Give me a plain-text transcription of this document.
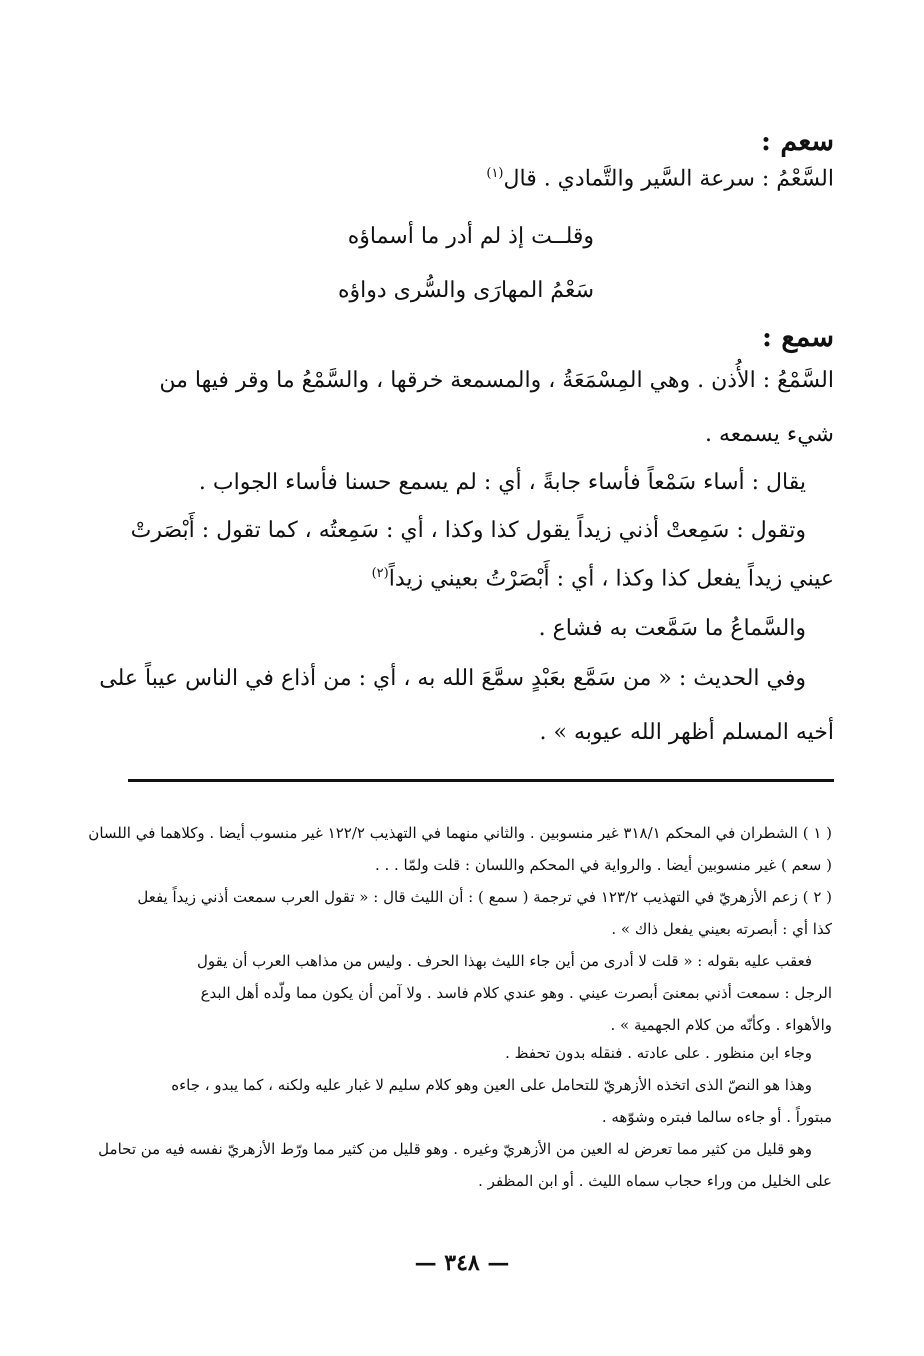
سعم :
السَّعْمُ : سرعة السَّير والتَّمادي . قال$^{(١)}$
وقلــت إذ لم أدر ما أسماؤه
سَعْمُ المهارَى والسُّرى دواؤه
سمع :
السَّمْعُ : الأُذن . وهي المِسْمَعَةُ ، والمسمعة خرقها ، والسَّمْعُ ما وقر فيها من
شيء يسمعه .
يقال : أساء سَمْعاً فأساء جابةً ، أي : لم يسمع حسنا فأساء الجواب .
وتقول : سَمِعتْ أذني زيداً يقول كذا وكذا ، أي : سَمِعتُه ، كما تقول : أَبْصَرتْ
عيني زيداً يفعل كذا وكذا ، أي : أَبْصَرْتُ بعيني زيداً$^{(٢)}$
والسَّماعُ ما سَمَّعت به فشاع .
وفي الحديث : « من سَمَّع بعَبْدٍ سمَّعَ الله به ، أي : من أذاع في الناس عيباً على
أخيه المسلم أظهر الله عيوبه » .
( ١ ) الشطران في المحكم ٣١٨/١ غير منسوبين . والثاني منهما في التهذيب ١٢٢/٢ غير منسوب أيضا . وكلاهما في اللسان
( سعم ) غير منسوبين أيضا . والرواية في المحكم واللسان : قلت ولمّا . . .
( ٢ ) زعم الأزهريّ في التهذيب ١٢٣/٢ في ترجمة ( سمع ) : أن الليث قال : « تقول العرب سمعت أذني زيداً يفعل
كذا أي : أبصرته بعيني يفعل ذاك » .
فعقب عليه بقوله : « قلت لا أدرى من أين جاء الليث بهذا الحرف . وليس من مذاهب العرب أن يقول
الرجل : سمعت أذني بمعنىَ أبصرت عيني . وهو عندي كلام فاسد . ولا آمن أن يكون مما ولّده أهل البدع
والأهواء . وكأنّه من كلام الجهمية » .
وجاء ابن منظور . على عادته . فنقله بدون تحفظ .
وهذا هو النصّ الذى اتخذه الأزهريّ للتحامل على العين وهو كلام سليم لا غبار عليه ولكنه ، كما يبدو ، جاءه
مبتوراً . أو جاءه سالما فبتره وشوّهه .
وهو قليل من كثير مما تعرض له العين من الأزهريّ وغيره . وهو قليل من كثير مما ورّط الأزهريّ نفسه فيه من تحامل
على الخليل من وراء حجاب سماه الليث . أو ابن المظفر .
— ٣٤٨ —
